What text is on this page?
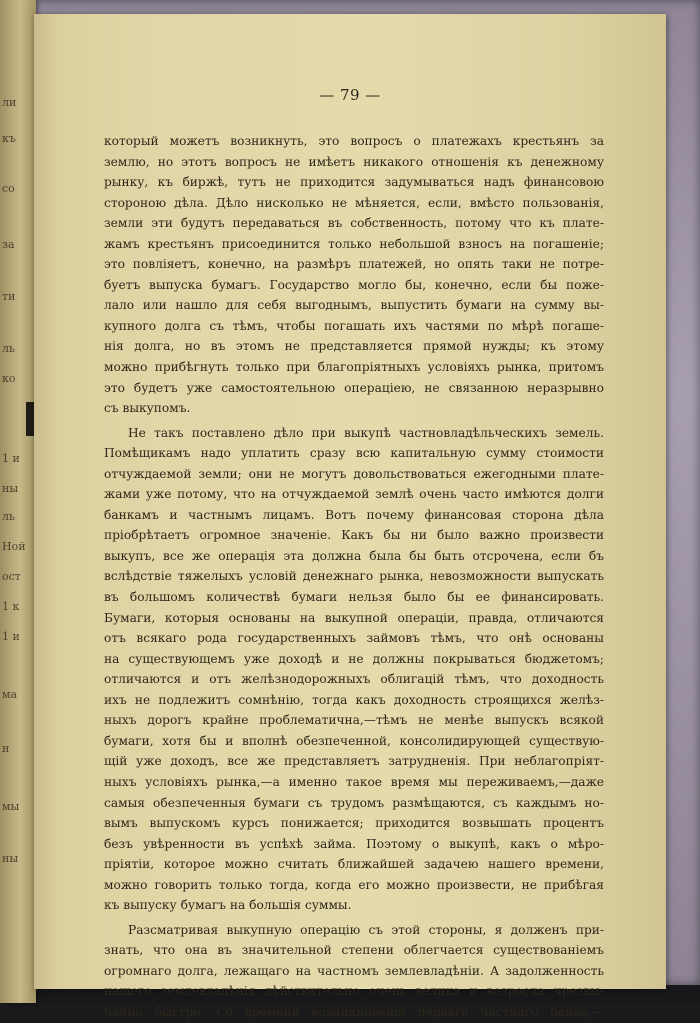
ли
къ
со
за
ти
ль
ко
1 и
ны
ль
Ной
ост
1 к
1 и
ма
н
мы
ны
— 79 —
который можетъ возникнуть, это вопросъ о платежахъ крестьянъ за
землю, но этотъ вопросъ не имѣетъ никакого отношенія къ денежному
рынку, къ биржѣ, тутъ не приходится задумываться надъ финансовою
стороною дѣла. Дѣло нисколько не мѣняется, если, вмѣсто пользованія,
земли эти будутъ передаваться въ собственность, потому что къ плате-
жамъ крестьянъ присоединится только небольшой взносъ на погашеніе;
это повліяетъ, конечно, на размѣръ платежей, но опять таки не потре-
буетъ выпуска бумагъ. Государство могло бы, конечно, если бы пожe-
лало или нашло для себя выгоднымъ, выпустить бумаги на сумму вы-
купного долга съ тѣмъ, чтобы погашать ихъ частями по мѣрѣ погаше-
нія долга, но въ этомъ не представляется прямой нужды; къ этому
можно прибѣгнуть только при благопріятныхъ условіяхъ рынка, притомъ
это будетъ уже самостоятельною операціею, не связанною неразрывно
съ выкупомъ.
Не такъ поставлено дѣло при выкупѣ частновладѣльческихъ земель.
Помѣщикамъ надо уплатить сразу всю капитальную сумму стоимости
отчуждаемой земли; они не могутъ довольствоваться ежегодными плате-
жами уже потому, что на отчуждаемой землѣ очень часто имѣются долги
банкамъ и частнымъ лицамъ. Вотъ почему финансовая сторона дѣла
пріобрѣтаетъ огромное значеніе. Какъ бы ни было важно произвести
выкупъ, все же операція эта должна была бы быть отсрочена, если бъ
вслѣдствіе тяжелыхъ условій денежнаго рынка, невозможности выпускать
въ большомъ количествѣ бумаги нельзя было бы ее финансировать.
Бумаги, которыя основаны на выкупной операціи, правда, отличаются
отъ всякаго рода государственныхъ займовъ тѣмъ, что онѣ основаны
на существующемъ уже доходѣ и не должны покрываться бюджетомъ;
отличаются и отъ желѣзнодорожныхъ облигацій тѣмъ, что доходность
ихъ не подлежитъ сомнѣнію, тогда какъ доходность строящихся желѣз-
ныхъ дорогъ крайне проблематична,—тѣмъ не менѣе выпускъ всякой
бумаги, хотя бы и вполнѣ обезпеченной, консолидирующей существую-
щій уже доходъ, все же представляетъ затрудненія. При неблагопріят-
ныхъ условіяхъ рынка,—а именно такое время мы переживаемъ,—даже
самыя обезпеченныя бумаги съ трудомъ размѣщаются, съ каждымъ но-
вымъ выпускомъ курсъ понижается; приходится возвышать процентъ
безъ увѣренности въ успѣхѣ займа. Поэтому о выкупѣ, какъ о мѣро-
пріятіи, которое можно считать ближайшей задачею нашего времени,
можно говорить только тогда, когда его можно произвести, не прибѣгая
къ выпуску бумагъ на большія суммы.
Разсматривая выкупную операцію съ этой стороны, я долженъ при-
знать, что она въ значительной степени облегчается существованіемъ
огромнаго долга, лежащаго на частномъ землевладѣніи. А задолженность
нашего землевладѣнія дѣйствительно очень велика и возросла чрезвы-
чайно быстро. Со времени возникновенія перваго частнаго банка,—
